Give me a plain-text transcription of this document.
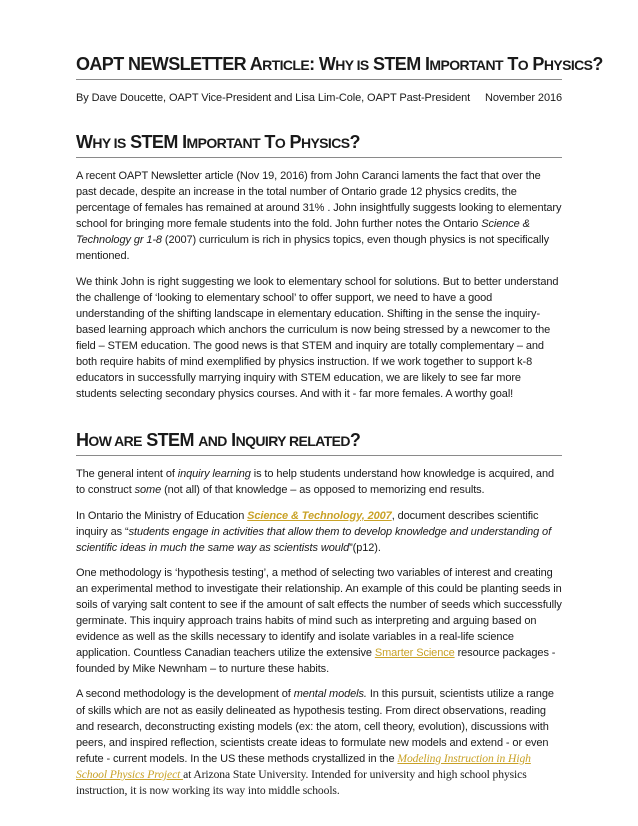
OAPT NEWSLETTER ARTICLE: WHY IS STEM IMPORTANT TO PHYSICS?
By Dave Doucette, OAPT Vice-President and Lisa Lim-Cole, OAPT Past-President November 2016
WHY IS STEM IMPORTANT TO PHYSICS?

A recent OAPT Newsletter article (Nov 19, 2016) from John Caranci laments the fact that over the past decade, despite an increase in the total number of Ontario grade 12 physics credits, the percentage of females has remained at around 31% . John insightfully suggests looking to elementary school for bringing more female students into the fold. John further notes the Ontario Science & Technology gr 1-8 (2007) curriculum is rich in physics topics, even though physics is not specifically mentioned.

We think John is right suggesting we look to elementary school for solutions. But to better understand the challenge of ‘looking to elementary school’ to offer support, we need to have a good understanding of the shifting landscape in elementary education. Shifting in the sense the inquiry-based learning approach which anchors the curriculum is now being stressed by a newcomer to the field – STEM education. The good news is that STEM and inquiry are totally complementary – and both require habits of mind exemplified by physics instruction. If we work together to support k-8 educators in successfully marrying inquiry with STEM education, we are likely to see far more students selecting secondary physics courses. And with it - far more females. A worthy goal!

HOW ARE STEM AND INQUIRY RELATED?

The general intent of inquiry learning is to help students understand how knowledge is acquired, and to construct some (not all) of that knowledge – as opposed to memorizing end results.

In Ontario the Ministry of Education Science & Technology, 2007, document describes scientific inquiry as “students engage in activities that allow them to develop knowledge and understanding of scientific ideas in much the same way as scientists would”(p12).

One methodology is ‘hypothesis testing’, a method of selecting two variables of interest and creating an experimental method to investigate their relationship. An example of this could be planting seeds in soils of varying salt content to see if the amount of salt effects the number of seeds which successfully germinate. This inquiry approach trains habits of mind such as interpreting and arguing based on evidence as well as the skills necessary to identify and isolate variables in a real-life science application. Countless Canadian teachers utilize the extensive Smarter Science resource packages - founded by Mike Newnham – to nurture these habits.

A second methodology is the development of mental models. In this pursuit, scientists utilize a range of skills which are not as easily delineated as hypothesis testing. From direct observations, reading and research, deconstructing existing models (ex: the atom, cell theory, evolution), discussions with peers, and inspired reflection, scientists create ideas to formulate new models and extend - or even refute - current models. In the US these methods crystallized in the Modeling Instruction in High School Physics Project at Arizona State University. Intended for university and high school physics instruction, it is now working its way into middle schools.
